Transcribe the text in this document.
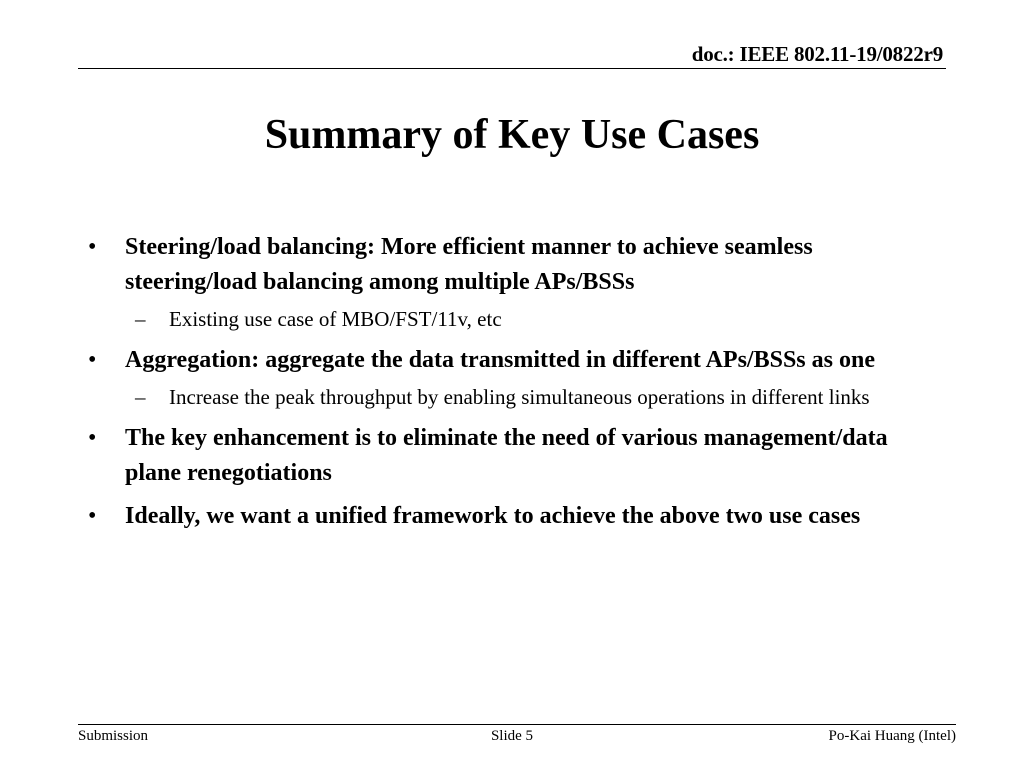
doc.: IEEE 802.11-19/0822r9
Summary of Key Use Cases
• Steering/load balancing: More efficient manner to achieve seamless steering/load balancing among multiple APs/BSSs
– Existing use case of MBO/FST/11v, etc
• Aggregation: aggregate the data transmitted in different APs/BSSs as one
– Increase the peak throughput by enabling simultaneous operations in different links
• The key enhancement is to eliminate the need of various management/data plane renegotiations
• Ideally, we want a unified framework to achieve the above two use cases
Submission	Slide 5	Po-Kai Huang (Intel)
